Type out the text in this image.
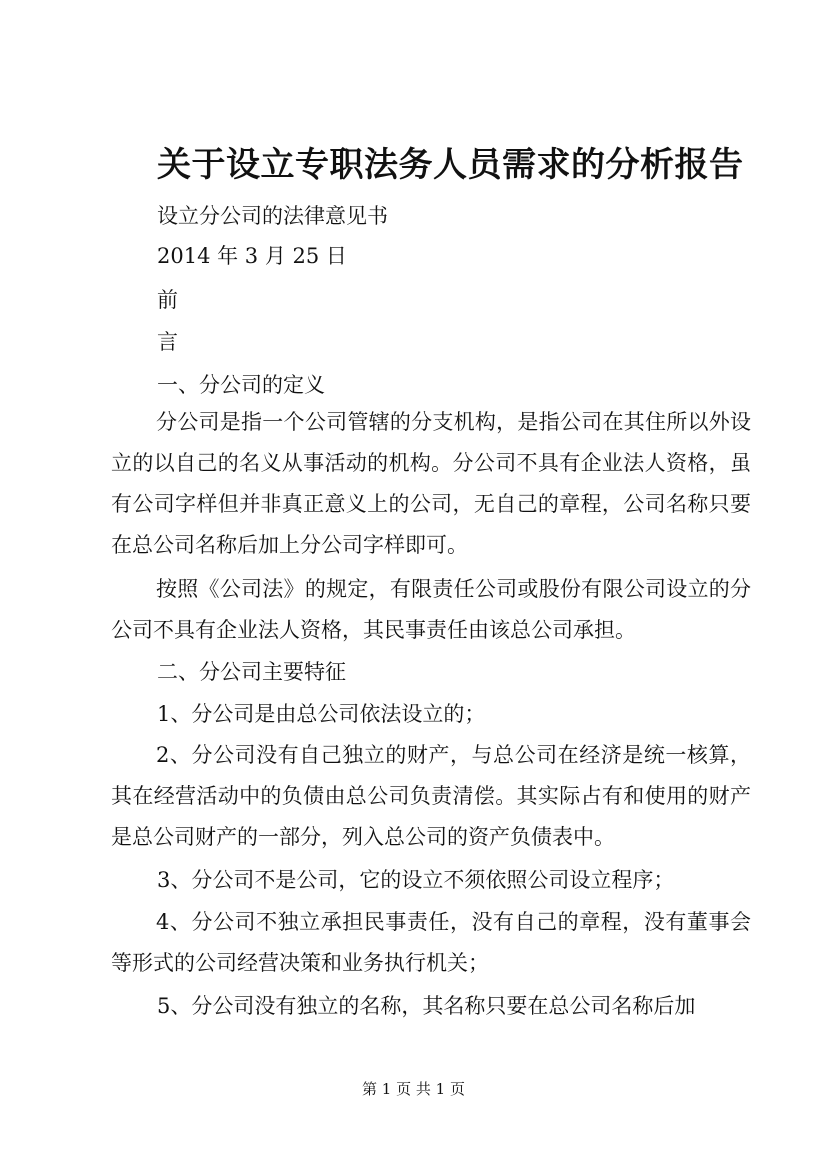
关于设立专职法务人员需求的分析报告
设立分公司的法律意见书
2014 年 3 月 25 日
前
言
一、分公司的定义
分公司是指一个公司管辖的分支机构，是指公司在其住所以外设立的以自己的名义从事活动的机构。分公司不具有企业法人资格，虽有公司字样但并非真正意义上的公司，无自己的章程，公司名称只要在总公司名称后加上分公司字样即可。
按照《公司法》的规定，有限责任公司或股份有限公司设立的分公司不具有企业法人资格，其民事责任由该总公司承担。
二、分公司主要特征
1、分公司是由总公司依法设立的；
2、分公司没有自己独立的财产，与总公司在经济是统一核算，其在经营活动中的负债由总公司负责清偿。其实际占有和使用的财产是总公司财产的一部分，列入总公司的资产负债表中。
3、分公司不是公司，它的设立不须依照公司设立程序；
4、分公司不独立承担民事责任，没有自己的章程，没有董事会等形式的公司经营决策和业务执行机关；
5、分公司没有独立的名称，其名称只要在总公司名称后加
第 1 页 共 1 页
